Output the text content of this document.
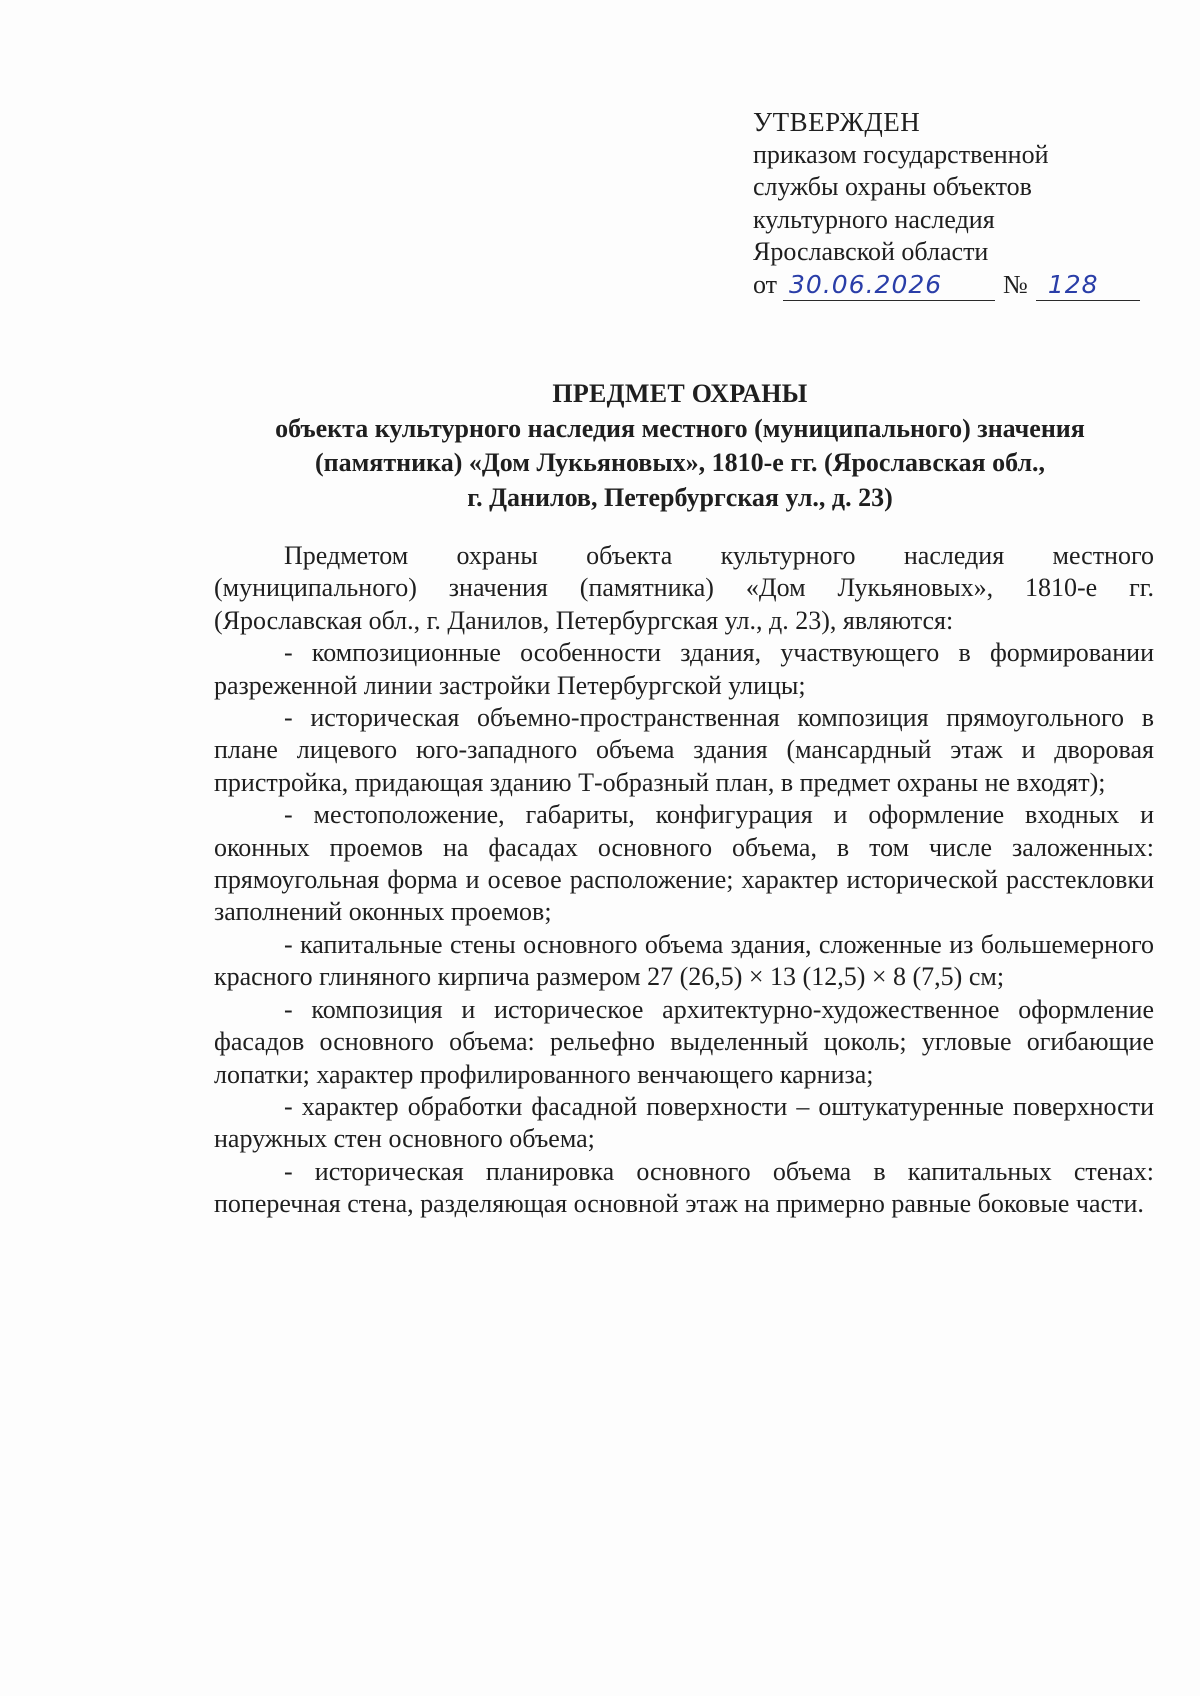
УТВЕРЖДЕН
приказом государственной
службы охраны объектов
культурного наследия
Ярославской области
от 30.06.2026 № 128
ПРЕДМЕТ ОХРАНЫ
объекта культурного наследия местного (муниципального) значения
(памятника) «Дом Лукьяновых», 1810-е гг. (Ярославская обл.,
г. Данилов, Петербургская ул., д. 23)

Предметом охраны объекта культурного наследия местного (муниципального) значения (памятника) «Дом Лукьяновых», 1810-е гг. (Ярославская обл., г. Данилов, Петербургская ул., д. 23), являются:

- композиционные особенности здания, участвующего в формировании разреженной линии застройки Петербургской улицы;

- историческая объемно-пространственная композиция прямоугольного в плане лицевого юго-западного объема здания (мансардный этаж и дворовая пристройка, придающая зданию Т-образный план, в предмет охраны не входят);

- местоположение, габариты, конфигурация и оформление входных и оконных проемов на фасадах основного объема, в том числе заложенных: прямоугольная форма и осевое расположение; характер исторической расстекловки заполнений оконных проемов;

- капитальные стены основного объема здания, сложенные из большемерного красного глиняного кирпича размером 27 (26,5) × 13 (12,5) × 8 (7,5) см;

- композиция и историческое архитектурно-художественное оформление фасадов основного объема: рельефно выделенный цоколь; угловые огибающие лопатки; характер профилированного венчающего карниза;

- характер обработки фасадной поверхности – оштукатуренные поверхности наружных стен основного объема;

- историческая планировка основного объема в капитальных стенах: поперечная стена, разделяющая основной этаж на примерно равные боковые части.
